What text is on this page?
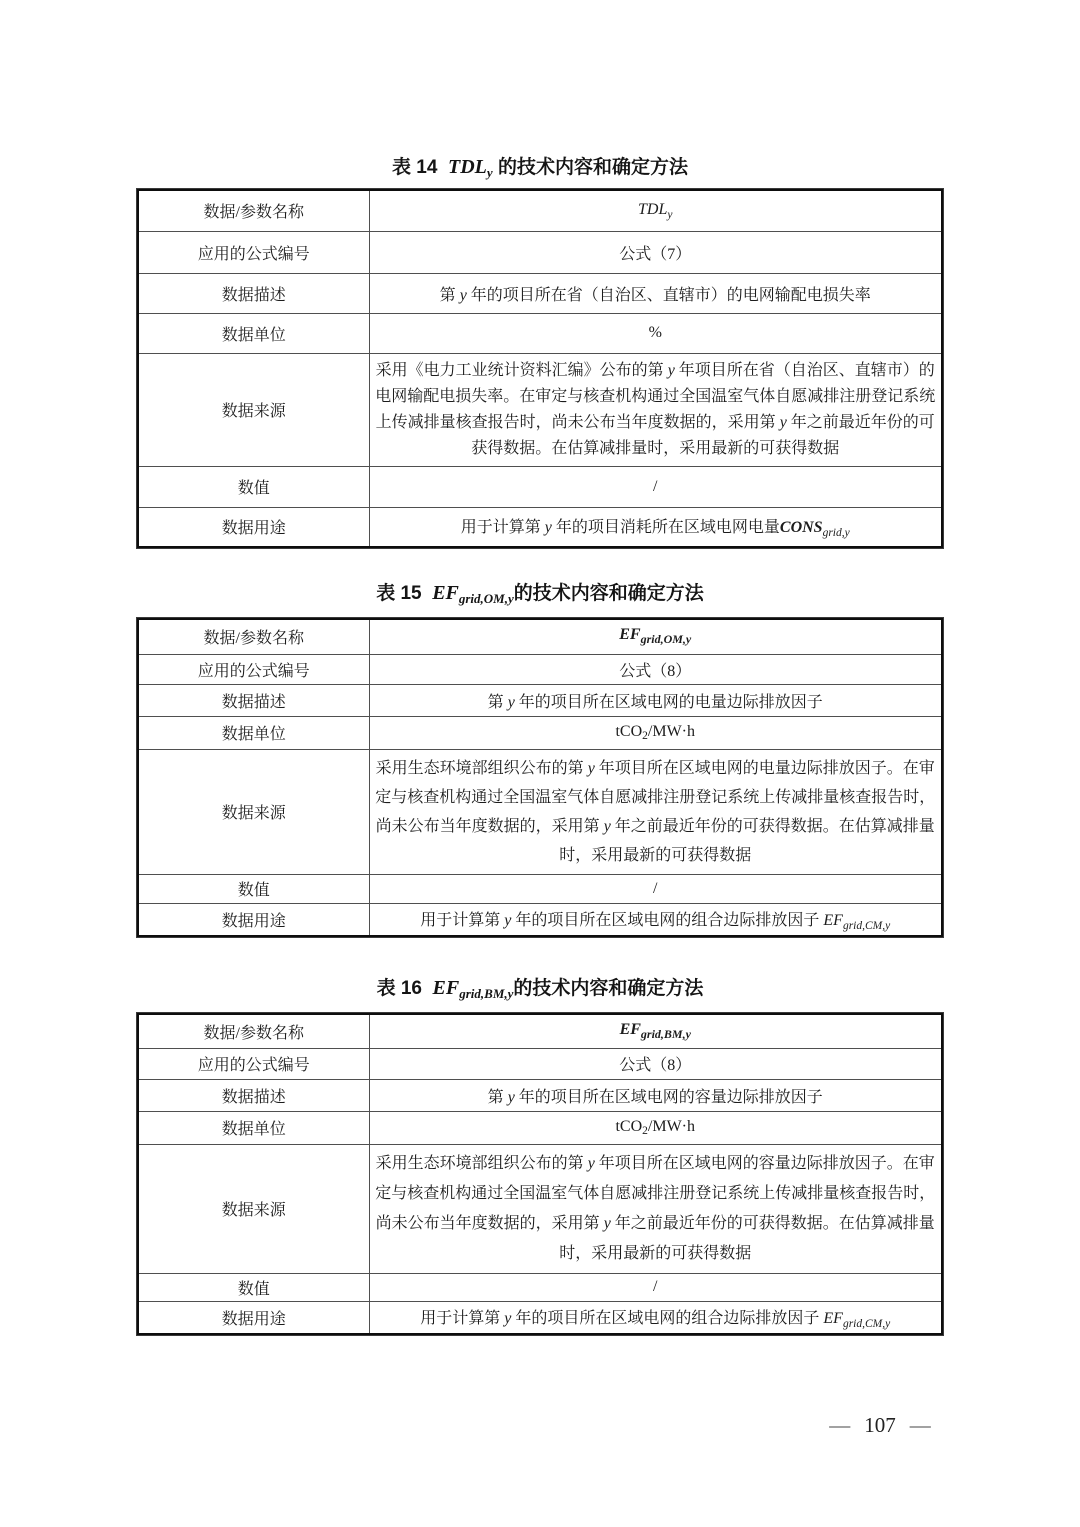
表 14  $TDL_y$ 的技术内容和确定方法
数据/参数名称	$TDL_y$
应用的公式编号	公式（7）
数据描述	第 y 年的项目所在省（自治区、直辖市）的电网输配电损失率
数据单位	%
数据来源	采用《电力工业统计资料汇编》公布的第 y 年项目所在省（自治区、直辖市）的电网输配电损失率。在审定与核查机构通过全国温室气体自愿减排注册登记系统上传减排量核查报告时，尚未公布当年度数据的，采用第 y 年之前最近年份的可获得数据。在估算减排量时，采用最新的可获得数据
数值	/
数据用途	用于计算第 y 年的项目消耗所在区域电网电量$CONS_{grid,y}$
表 15  $EF_{grid,OM,y}$的技术内容和确定方法
数据/参数名称	$EF_{grid,OM,y}$
应用的公式编号	公式（8）
数据描述	第 y 年的项目所在区域电网的电量边际排放因子
数据单位	tCO2/MW·h
数据来源	采用生态环境部组织公布的第 y 年项目所在区域电网的电量边际排放因子。在审定与核查机构通过全国温室气体自愿减排注册登记系统上传减排量核查报告时，尚未公布当年度数据的，采用第 y 年之前最近年份的可获得数据。在估算减排量时，采用最新的可获得数据
数值	/
数据用途	用于计算第 y 年的项目所在区域电网的组合边际排放因子 $EF_{grid,CM,y}$
表 16  $EF_{grid,BM,y}$的技术内容和确定方法
数据/参数名称	$EF_{grid,BM,y}$
应用的公式编号	公式（8）
数据描述	第 y 年的项目所在区域电网的容量边际排放因子
数据单位	tCO2/MW·h
数据来源	采用生态环境部组织公布的第 y 年项目所在区域电网的容量边际排放因子。在审定与核查机构通过全国温室气体自愿减排注册登记系统上传减排量核查报告时，尚未公布当年度数据的，采用第 y 年之前最近年份的可获得数据。在估算减排量时，采用最新的可获得数据
数值	/
数据用途	用于计算第 y 年的项目所在区域电网的组合边际排放因子 $EF_{grid,CM,y}$
— 107 —
